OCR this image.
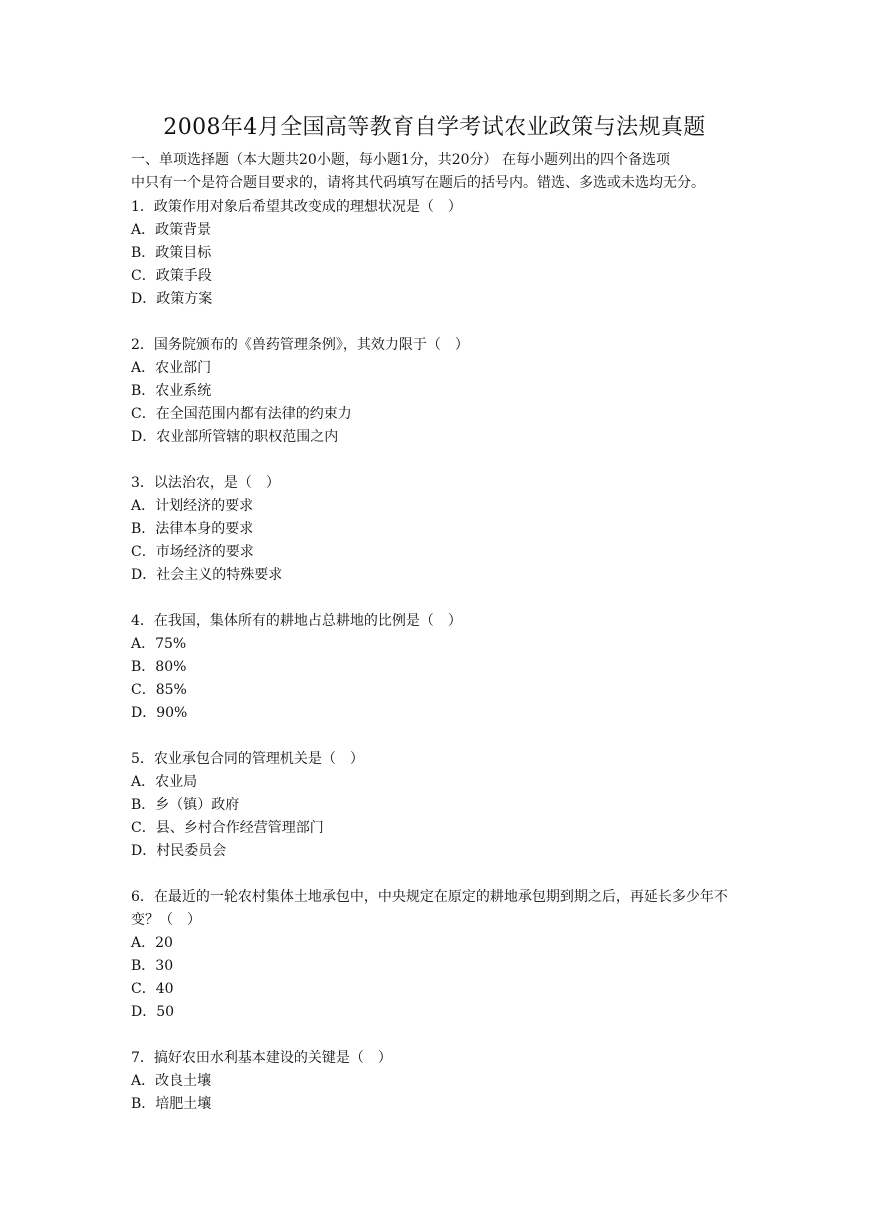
2008年4月全国高等教育自学考试农业政策与法规真题

一、单项选择题（本大题共20小题，每小题1分，共20分） 在每小题列出的四个备选项

中只有一个是符合题目要求的，请将其代码填写在题后的括号内。错选、多选或未选均无分。

1．政策作用对象后希望其改变成的理想状况是（　）

A．政策背景

B．政策目标

C．政策手段

D．政策方案

2．国务院颁布的《兽药管理条例》，其效力限于（　）

A．农业部门

B．农业系统

C．在全国范围内都有法律的约束力

D．农业部所管辖的职权范围之内

3．以法治农，是（　）

A．计划经济的要求

B．法律本身的要求

C．市场经济的要求

D．社会主义的特殊要求

4．在我国，集体所有的耕地占总耕地的比例是（　）

A．75%

B．80%

C．85%

D．90%

5．农业承包合同的管理机关是（　）

A．农业局

B．乡（镇）政府

C．县、乡村合作经营管理部门

D．村民委员会

6．在最近的一轮农村集体土地承包中，中央规定在原定的耕地承包期到期之后，再延长多少年不变？（　）

A．20

B．30

C．40

D．50

7．搞好农田水利基本建设的关键是（　）

A．改良土壤

B．培肥土壤
